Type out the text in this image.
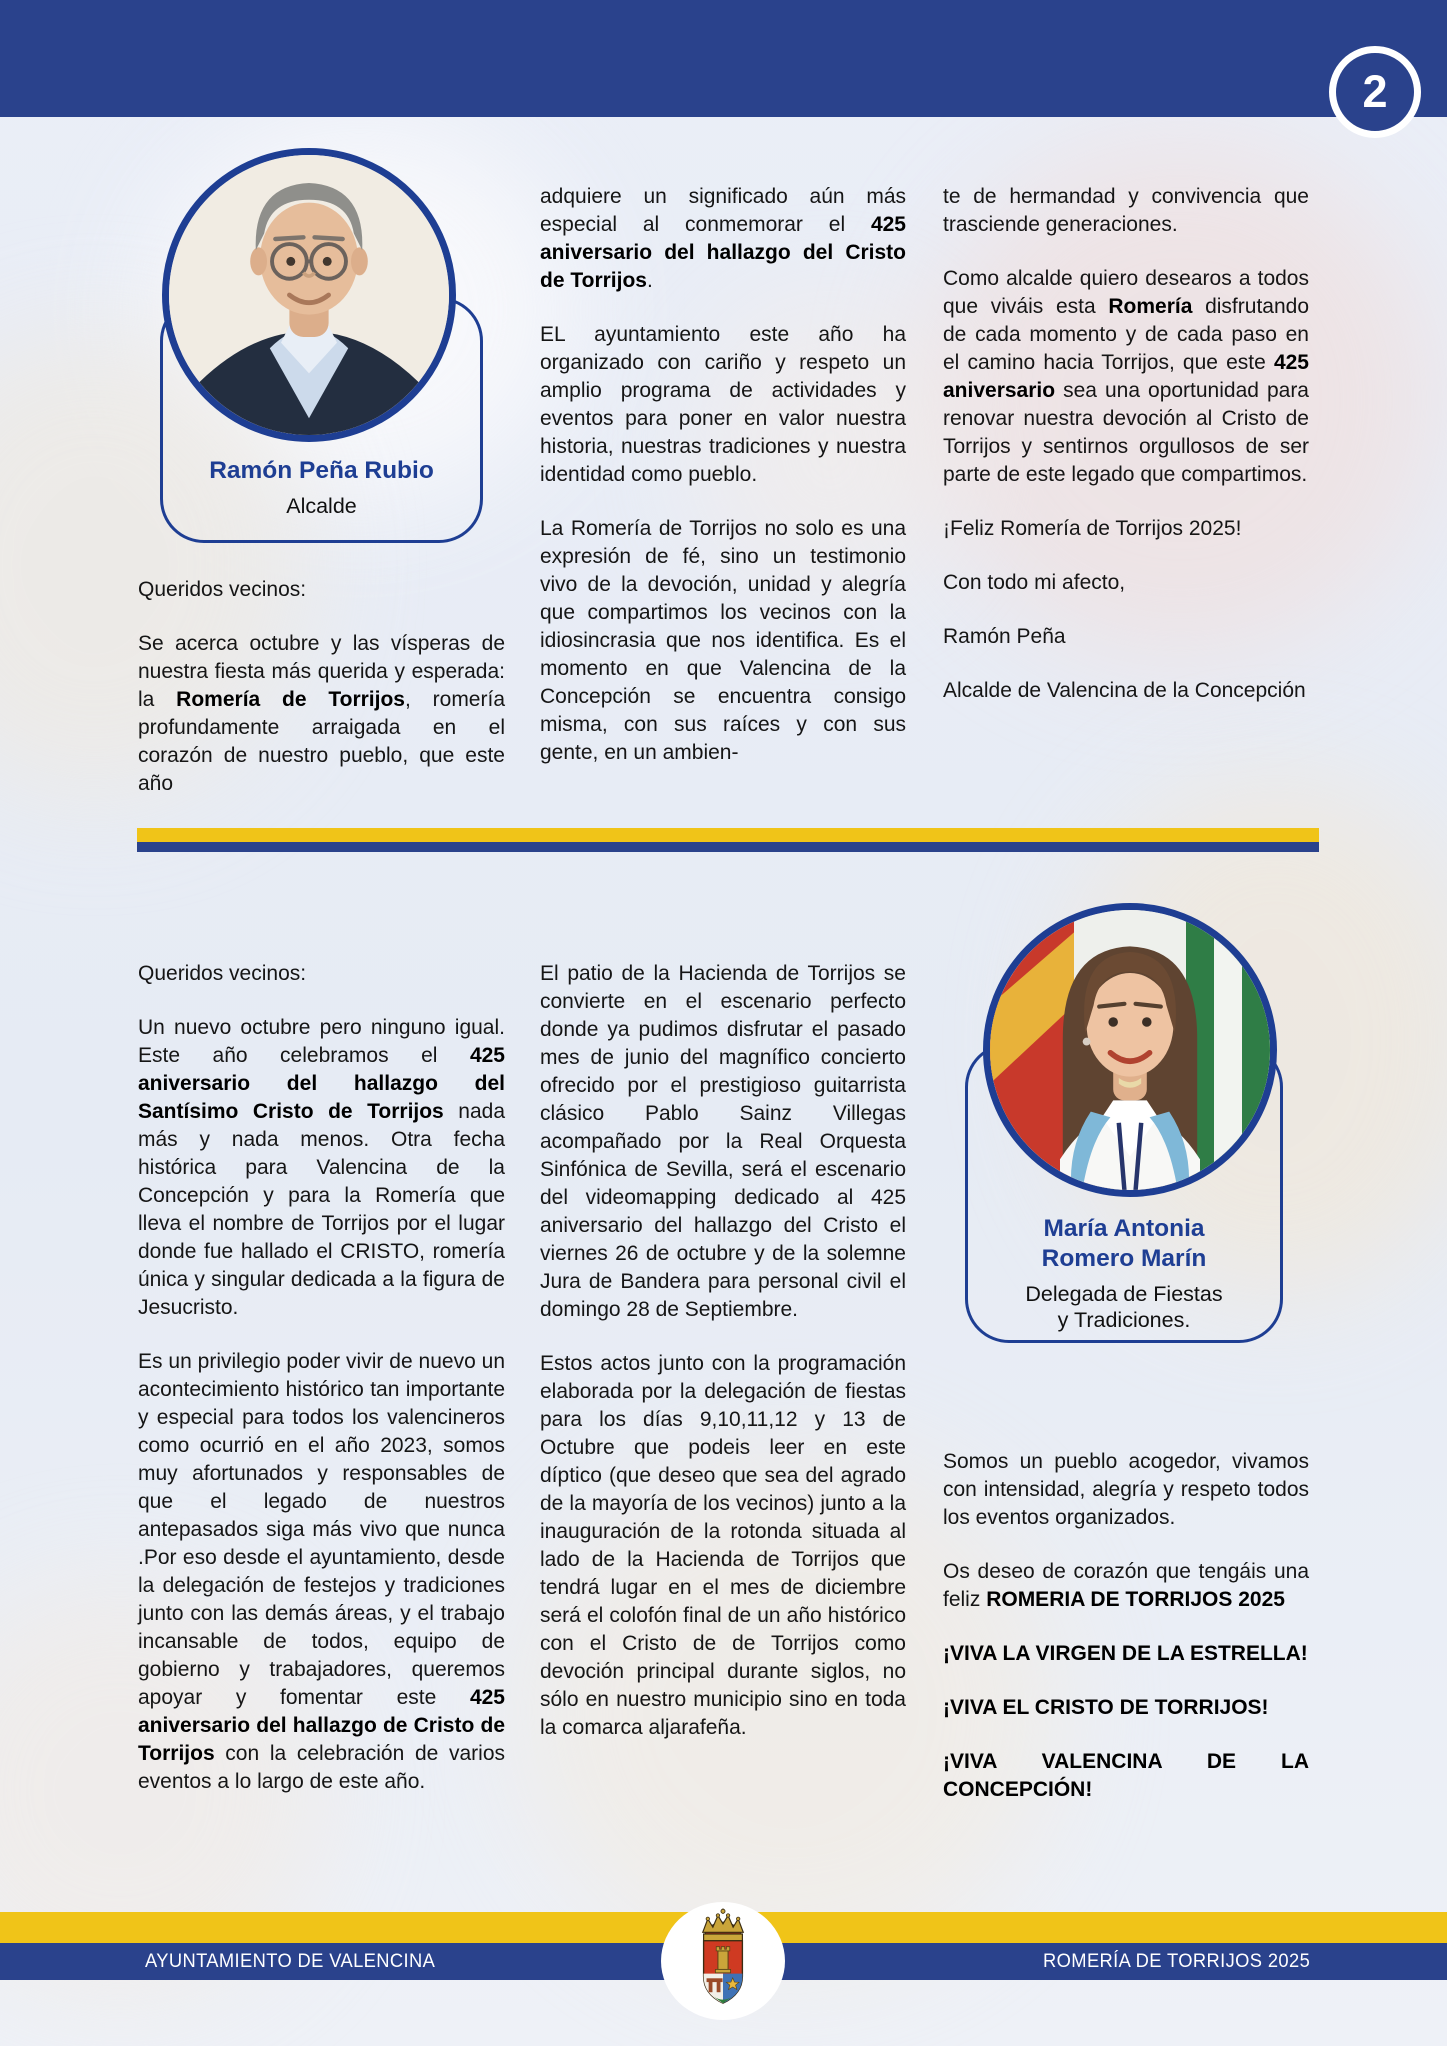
2
Ramón Peña Rubio
Alcalde

Queridos vecinos:

Se acerca octubre y las vísperas de nuestra fiesta más querida y esperada: la Romería de Torrijos, romería profundamente arraigada en el corazón de nuestro pueblo, que este año

adquiere un significado aún más especial al conmemorar el 425 aniversario del hallazgo del Cristo de Torrijos.

EL ayuntamiento este año ha organizado con cariño y respeto un amplio programa de actividades y eventos para poner en valor nuestra historia, nuestras tradiciones y nuestra identidad como pueblo.

La Romería de Torrijos no solo es una expresión de fé, sino un testimonio vivo de la devoción, unidad y alegría que compartimos los vecinos con la idiosincrasia que nos identifica. Es el momento en que Valencina de la Concepción se encuentra consigo misma, con sus raíces y con sus gente, en un ambien-

te de hermandad y convivencia que trasciende generaciones.

Como alcalde quiero desearos a todos que viváis esta Romería disfrutando de cada momento y de cada paso en el camino hacia Torrijos, que este 425 aniversario sea una oportunidad para renovar nuestra devoción al Cristo de Torrijos y sentirnos orgullosos de ser parte de este legado que compartimos.

¡Feliz Romería de Torrijos 2025!

Con todo mi afecto,

Ramón Peña

Alcalde de Valencina de la Concepción

María Antonia
Romero Marín
Delegada de Fiestas
y Tradiciones.

Queridos vecinos:

Un nuevo octubre pero ninguno igual. Este año celebramos el 425 aniversario del hallazgo del Santísimo Cristo de Torrijos nada más y nada menos. Otra fecha histórica para Valencina de la Concepción y para la Romería que lleva el nombre de Torrijos por el lugar donde fue hallado el CRISTO, romería única y singular dedicada a la figura de Jesucristo.

Es un privilegio poder vivir de nuevo un acontecimiento histórico tan importante y especial para todos los valencineros como ocurrió en el año 2023, somos muy afortunados y responsables de que el legado de nuestros antepasados siga más vivo que nunca .Por eso desde el ayuntamiento, desde la delegación de festejos y tradiciones junto con las demás áreas, y el trabajo incansable de todos, equipo de gobierno y trabajadores, queremos apoyar y fomentar este 425 aniversario del hallazgo de Cristo de Torrijos con la celebración de varios eventos a lo largo de este año.

El patio de la Hacienda de Torrijos se convierte en el escenario perfecto donde ya pudimos disfrutar el pasado mes de junio del magnífico concierto ofrecido por el prestigioso guitarrista clásico Pablo Sainz Villegas acompañado por la Real Orquesta Sinfónica de Sevilla, será el escenario del videomapping dedicado al 425 aniversario del hallazgo del Cristo el viernes 26 de octubre y de la solemne Jura de Bandera para personal civil el domingo 28 de Septiembre.

Estos actos junto con la programación elaborada por la delegación de fiestas para los días 9,10,11,12 y 13 de Octubre que podeis leer en este díptico (que deseo que sea del agrado de la mayoría de los vecinos) junto a la inauguración de la rotonda situada al lado de la Hacienda de Torrijos que tendrá lugar en el mes de diciembre será el colofón final de un año histórico con el Cristo de de Torrijos como devoción principal durante siglos, no sólo en nuestro municipio sino en toda la comarca aljarafeña.

Somos un pueblo acogedor, vivamos con intensidad, alegría y respeto todos los eventos organizados.

Os deseo de corazón que tengáis una feliz ROMERIA DE TORRIJOS 2025

¡VIVA LA VIRGEN DE LA ESTRELLA!

¡VIVA EL CRISTO DE TORRIJOS!

¡VIVA VALENCINA DE LA CONCEPCIÓN!

AYUNTAMIENTO DE VALENCINA	ROMERÍA DE TORRIJOS 2025
